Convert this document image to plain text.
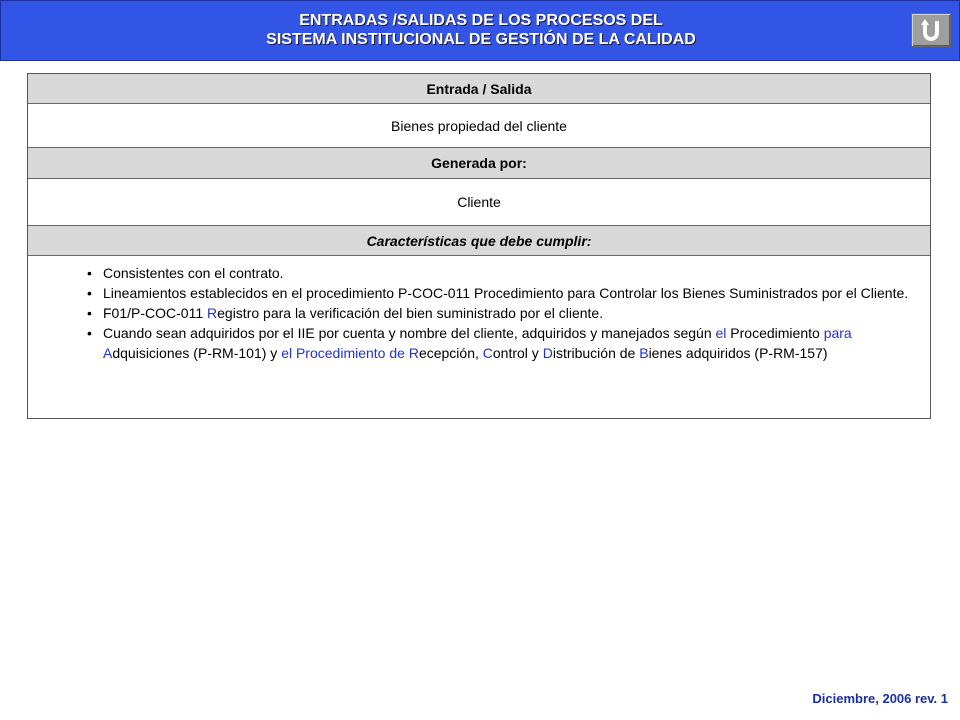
ENTRADAS /SALIDAS DE LOS PROCESOS DEL
SISTEMA INSTITUCIONAL DE GESTIÓN DE LA CALIDAD
Entrada / Salida
Bienes propiedad del cliente
Generada por:
Cliente
Características que debe cumplir:
• Consistentes con el contrato.
• Lineamientos establecidos en el procedimiento P-COC-011 Procedimiento para Controlar los Bienes Suministrados por el Cliente.
• F01/P-COC-011 Registro para la verificación del bien suministrado por el cliente.
• Cuando sean adquiridos por el IIE por cuenta y nombre del cliente, adquiridos y manejados según el Procedimiento para Adquisiciones (P-RM-101) y el Procedimiento de Recepción, Control y Distribución de Bienes adquiridos (P-RM-157)
Diciembre, 2006 rev. 1
